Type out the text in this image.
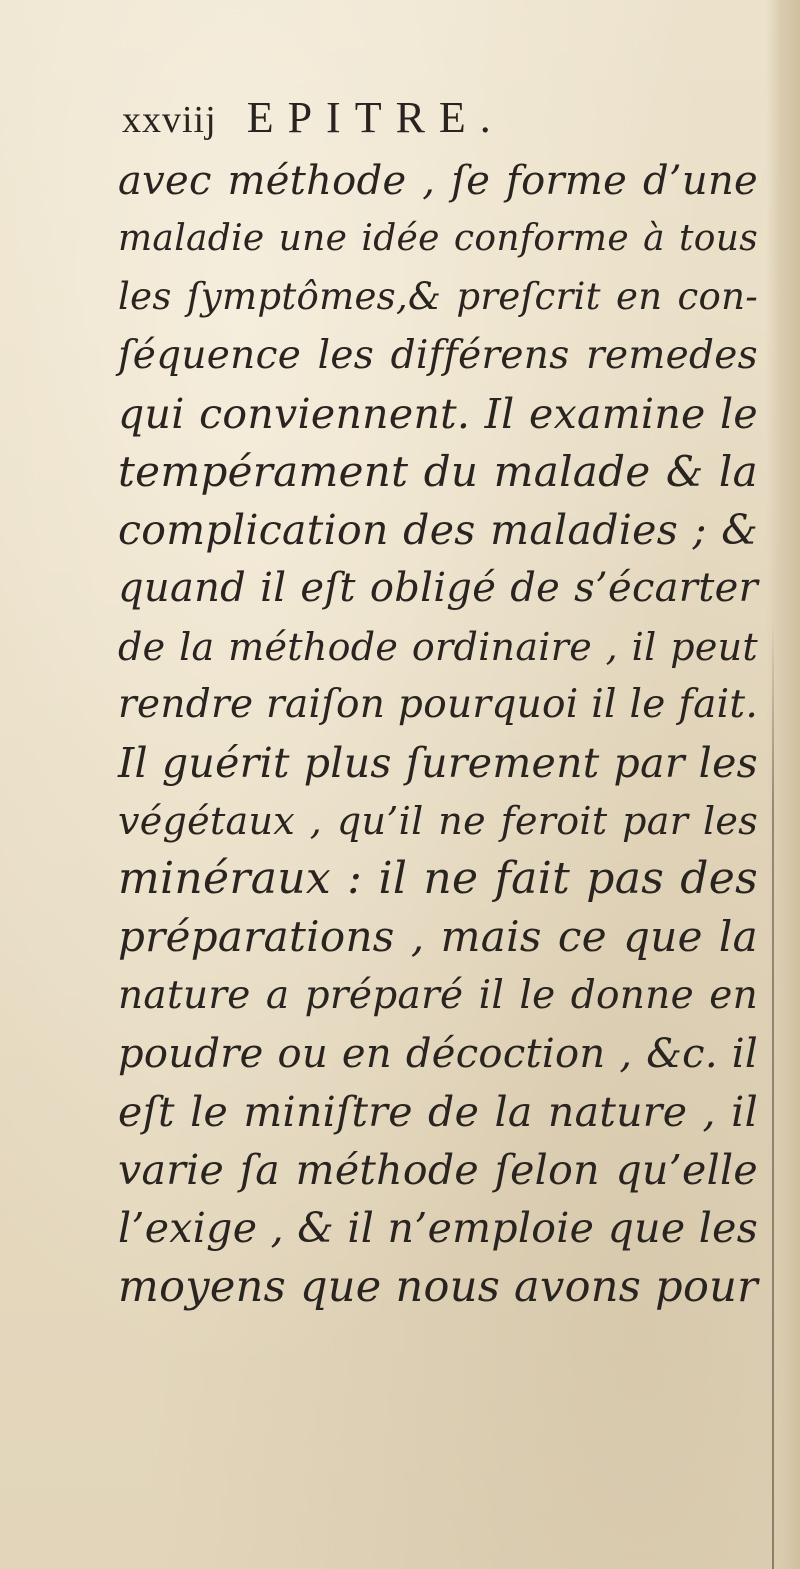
xxviij EPITRE.
avec méthode , ſe forme d’une
maladie une idée conforme à tous
les ſymptômes,& preſcrit en con-
ſéquence les différens remedes
qui conviennent. Il examine le
tempérament du malade & la
complication des maladies ; &
quand il eſt obligé de s’écarter
de la méthode ordinaire , il peut
rendre raiſon pourquoi il le fait.
Il guérit plus ſurement par les
végétaux , qu’il ne feroit par les
minéraux : il ne fait pas des
préparations , mais ce que la
nature a préparé il le donne en
poudre ou en décoction , &c. il
eſt le miniſtre de la nature , il
varie ſa méthode ſelon qu’elle
l’exige , & il n’emploie que les
moyens que nous avons pour
